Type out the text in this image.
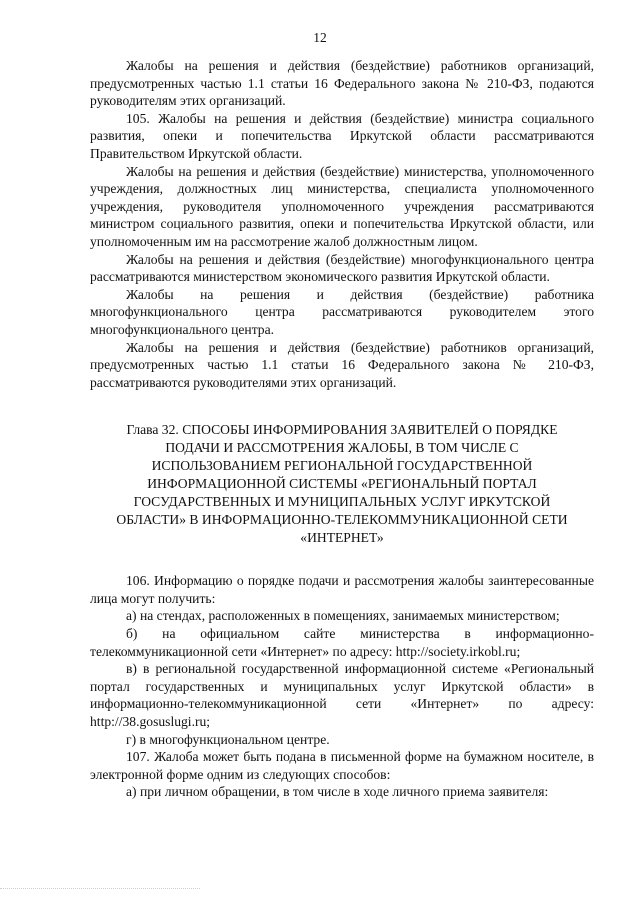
12

Жалобы на решения и действия (бездействие) работников организаций, предусмотренных частью 1.1 статьи 16 Федерального закона № 210-ФЗ, подаются руководителям этих организаций.

105. Жалобы на решения и действия (бездействие) министра социального развития, опеки и попечительства Иркутской области рассматриваются Правительством Иркутской области.

Жалобы на решения и действия (бездействие) министерства, уполномоченного учреждения, должностных лиц министерства, специалиста уполномоченного учреждения, руководителя уполномоченного учреждения рассматриваются министром социального развития, опеки и попечительства Иркутской области, или уполномоченным им на рассмотрение жалоб должностным лицом.

Жалобы на решения и действия (бездействие) многофункционального центра рассматриваются министерством экономического развития Иркутской области.

Жалобы на решения и действия (бездействие) работника многофункционального центра рассматриваются руководителем этого многофункционального центра.

Жалобы на решения и действия (бездействие) работников организаций, предусмотренных частью 1.1 статьи 16 Федерального закона № 210-ФЗ, рассматриваются руководителями этих организаций.

Глава 32. СПОСОБЫ ИНФОРМИРОВАНИЯ ЗАЯВИТЕЛЕЙ О ПОРЯДКЕ
ПОДАЧИ И РАССМОТРЕНИЯ ЖАЛОБЫ, В ТОМ ЧИСЛЕ С
ИСПОЛЬЗОВАНИЕМ РЕГИОНАЛЬНОЙ ГОСУДАРСТВЕННОЙ
ИНФОРМАЦИОННОЙ СИСТЕМЫ «РЕГИОНАЛЬНЫЙ ПОРТАЛ
ГОСУДАРСТВЕННЫХ И МУНИЦИПАЛЬНЫХ УСЛУГ ИРКУТСКОЙ
ОБЛАСТИ» В ИНФОРМАЦИОННО-ТЕЛЕКОММУНИКАЦИОННОЙ СЕТИ
«ИНТЕРНЕТ»

106. Информацию о порядке подачи и рассмотрения жалобы заинтересованные лица могут получить:

а) на стендах, расположенных в помещениях, занимаемых министерством;

б) на официальном сайте министерства в информационно-телекоммуникационной сети «Интернет» по адресу: http://society.irkobl.ru;

в) в региональной государственной информационной системе «Региональный портал государственных и муниципальных услуг Иркутской области» в информационно-телекоммуникационной сети «Интернет» по адресу: http://38.gosuslugi.ru;

г) в многофункциональном центре.

107. Жалоба может быть подана в письменной форме на бумажном носителе, в электронной форме одним из следующих способов:

а) при личном обращении, в том числе в ходе личного приема заявителя:
